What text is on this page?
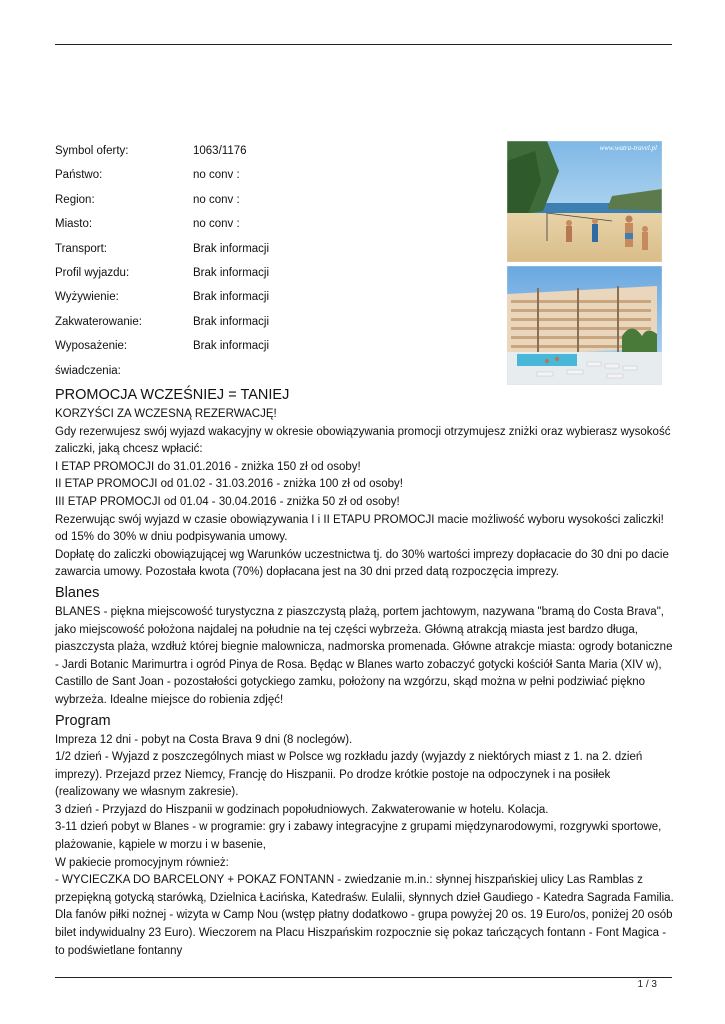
Symbol oferty:	1063/1176
Państwo:	no conv :
Region:	no conv :
Miasto:	no conv :
Transport:	Brak informacji
Profil wyjazdu:	Brak informacji
Wyżywienie:	Brak informacji
Zakwaterowanie:	Brak informacji
Wyposażenie:	Brak informacji
świadczenia:
www.watra-travel.pl
PROMOCJA WCZEŚNIEJ = TANIEJ

KORZYŚCI ZA WCZESNĄ REZERWACJĘ!

Gdy rezerwujesz swój wyjazd wakacyjny w okresie obowiązywania promocji otrzymujesz zniżki oraz wybierasz wysokość zaliczki, jaką chcesz wpłacić:

I ETAP PROMOCJI do 31.01.2016 - zniżka 150 zł od osoby!

II ETAP PROMOCJI od 01.02 - 31.03.2016 - zniżka 100 zł od osoby!

III ETAP PROMOCJI od 01.04 - 30.04.2016 - zniżka 50 zł od osoby!

Rezerwując swój wyjazd w czasie obowiązywania I i II ETAPU PROMOCJI macie możliwość wyboru wysokości zaliczki! od 15% do 30% w dniu podpisywania umowy.

Dopłatę do zaliczki obowiązującej wg Warunków uczestnictwa tj. do 30% wartości imprezy dopłacacie do 30 dni po dacie zawarcia umowy. Pozostała kwota (70%) dopłacana jest na 30 dni przed datą rozpoczęcia imprezy.

Blanes

BLANES - piękna miejscowość turystyczna z piaszczystą plażą, portem jachtowym, nazywana "bramą do Costa Brava", jako miejscowość położona najdalej na południe na tej części wybrzeża. Główną atrakcją miasta jest bardzo długa, piaszczysta plaża, wzdłuż której biegnie malownicza, nadmorska promenada. Główne atrakcje miasta: ogrody botaniczne - Jardi Botanic Marimurtra i ogród Pinya de Rosa. Będąc w Blanes warto zobaczyć gotycki kościół Santa Maria (XIV w), Castillo de Sant Joan - pozostałości gotyckiego zamku, położony na wzgórzu, skąd można w pełni podziwiać piękno wybrzeża. Idealne miejsce do robienia zdjęć!

Program

Impreza 12 dni - pobyt na Costa Brava 9 dni (8 noclegów).

1/2 dzień - Wyjazd z poszczególnych miast w Polsce wg rozkładu jazdy (wyjazdy z niektórych miast z 1. na 2. dzień imprezy). Przejazd przez Niemcy, Francję do Hiszpanii. Po drodze krótkie postoje na odpoczynek i na posiłek (realizowany we własnym zakresie).

3 dzień - Przyjazd do Hiszpanii w godzinach popołudniowych. Zakwaterowanie w hotelu. Kolacja.

3-11 dzień pobyt w Blanes - w programie: gry i zabawy integracyjne z grupami międzynarodowymi, rozgrywki sportowe, plażowanie, kąpiele w morzu i w basenie,

W pakiecie promocyjnym również:

- WYCIECZKA DO BARCELONY + POKAZ FONTANN - zwiedzanie m.in.: słynnej hiszpańskiej ulicy Las Ramblas z przepiękną gotycką starówką, Dzielnica Łacińska, Katedraśw. Eulalii, słynnych dzieł Gaudiego - Katedra Sagrada Familia. Dla fanów piłki nożnej - wizyta w Camp Nou (wstęp płatny dodatkowo - grupa powyżej 20 os. 19 Euro/os, poniżej 20 osób bilet indywidualny 23 Euro). Wieczorem na Placu Hiszpańskim rozpocznie się pokaz tańczących fontann - Font Magica - to podświetlane fontanny

1 / 3
